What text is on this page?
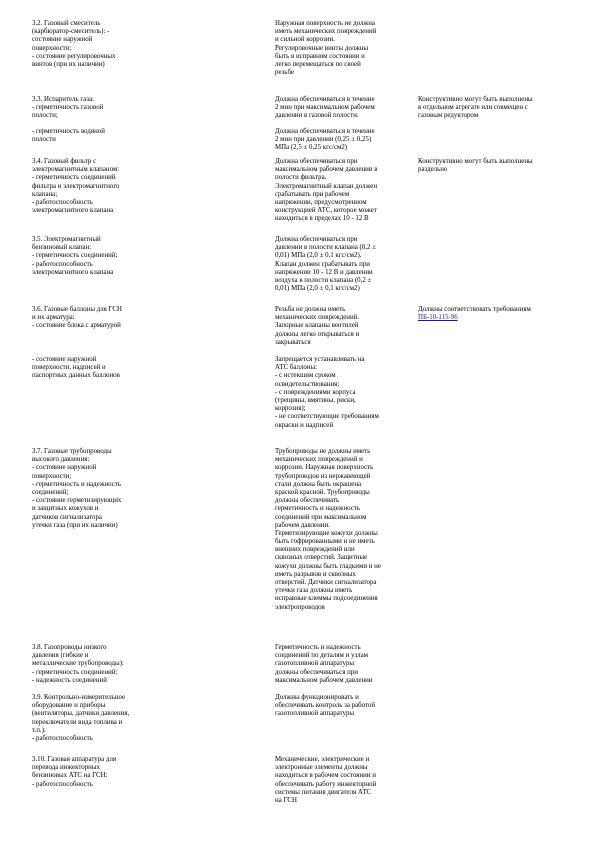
3.2. Газовый смеситель
(карбюратор-смеситель): -
состояние наружной
поверхности;
- состояние регулировочных
винтов (при их наличии)
Наружная поверхность не должна
иметь механических повреждений
и сильной коррозии.
Регулировочные винты должны
быть в исправном состоянии и
легко перемещаться по своей
резьбе
3.3. Испаритель газа:
- герметичность газовой
полости;
Должна обеспечиваться в течение
2 мин при максимальном рабочем
давлении в газовой полости.
Конструктивно могут быть выполнены
в отдельном агрегате или совмещен с
газовым редуктором
- герметичность водяной
полости
Должна обеспечиваться в течение
2 мин при давлении (0,25 ± 0,25)
МПа (2,5 ± 0,25 кгс/см2)
3.4. Газовый фильтр с
электромагнитным клапаном:
- герметичность соединений
фильтра и электромагнитного
клапана;
- работоспособность
электромагнитного клапана
Должна обеспечиваться при
максимальном рабочем давлении в
полости фильтра.
Электромагнитный клапан должен
срабатывать при рабочем
напряжении, предусмотренном
конструкцией АТС, которое может
находиться в пределах 10 - 12 В
Конструктивно могут быть выполнены
раздельно
3.5. Электромагнитный
бензиновый клапан:
- герметичность соединений;
- работоспособность
электромагнитного клапана
Должна обеспечиваться при
давлении в полости клапана (0,2 ±
0,01) МПа (2,0 ± 0,1 кгс/см2).
Клапан должен срабатывать при
напряжении 10 - 12 В и давлении
воздуха в полости клапана (0,2 ±
0,01) МПа (2,0 ± 0,1 кгс/см2)
3.6. Газовые баллоны для ГСН
и их арматура:
- состояние блока с арматурой
Резьба не должна иметь
механических повреждений.
Запорные клапаны вентилей
должны легко открываться и
закрываться
Должны соответствовать требованиям
ПБ-10-115-96
- состояние наружной
поверхности, надписей и
паспортных данных баллонов
Запрещается устанавливать на
АТС баллоны:
- с истекшим сроком
освидетельствования;
- с повреждениями корпуса
(трещины, вмятины, риски,
коррозия);
- не соответствующие требованиям
окраски и надписей
3.7. Газовые трубопроводы
высокого давления:
- состояние наружной
поверхности;
- герметичность и надежность
соединений;
- состояние герметизирующих
и защитных кожухов и
датчиков сигнализатора
утечки газа (при их наличии)
Трубопроводы не должны иметь
механических повреждений и
коррозии. Наружная поверхность
трубопроводов из нержавеющей
стали должна быть окрашена
краской красной. Трубопроводы
должны обеспечивать
герметичность и надежность
соединений при максимальном
рабочем давлении.
Герметизирующие кожухи должны
быть гофрированными и не иметь
внешних повреждений или
сквозных отверстий. Защитные
кожухи должны быть гладкими и не
иметь разрывов и сквозных
отверстий. Датчики сигнализатора
утечки газа должны иметь
исправные клеммы подсоединения
электропроводов
3.8. Газопроводы низкого
давления (гибкие и
металлические трубопроводы):
- герметичность соединений;
- надежность соединений
Герметичность и надежность
соединений по деталям и узлам
газотопливной аппаратуры
должны обеспечиваться при
максимальном рабочем давлении
3.9. Контрольно-измерительное
оборудование и приборы
(вентиляторы, датчики давления,
переключатели вида топлива и
т.п.):
- работоспособность
Должны функционировать и
обеспечивать контроль за работой
газотопливной аппаратуры
3.10. Газовая аппаратура для
перевода инжекторных
бензиновых АТС на ГСН:
- работоспособность
Механические, электрические и
электронные элементы должны
находиться в рабочем состоянии и
обеспечивать работу инжекторной
системы питания двигателя АТС
на ГСН
